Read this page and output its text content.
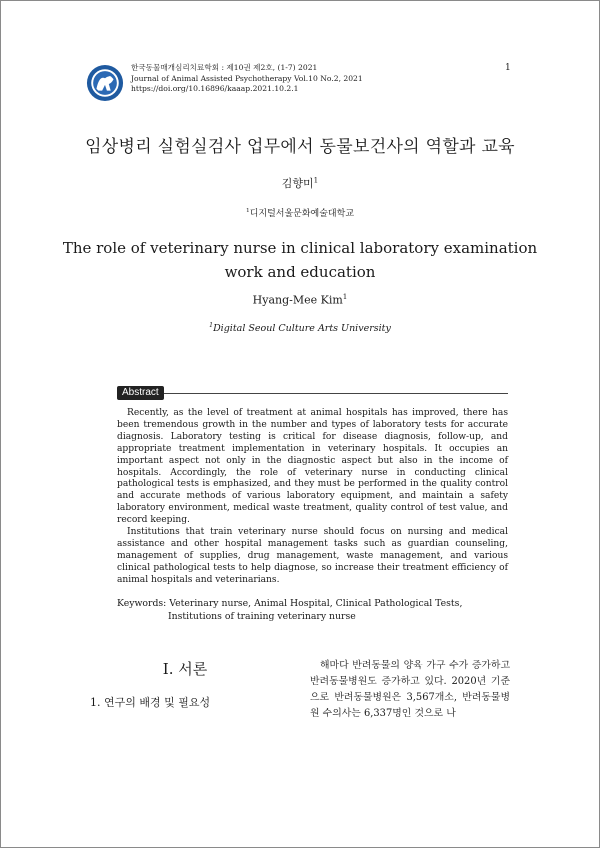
한국동물매개심리치료학회 : 제10권 제2호, (1-7) 2021
Journal of Animal Assisted Psychotherapy Vol.10 No.2, 2021
https://doi.org/10.16896/kaaap.2021.10.2.1
1
임상병리 실험실검사 업무에서 동물보건사의 역할과 교육
김향미$^1$
$^1$디지털서울문화예술대학교
The role of veterinary nurse in clinical laboratory examination work and education
Hyang-Mee Kim$^1$
$^1$Digital Seoul Culture Arts University
Abstract

Recently, as the level of treatment at animal hospitals has improved, there has been tremendous growth in the number and types of laboratory tests for accurate diagnosis. Laboratory testing is critical for disease diagnosis, follow-up, and appropriate treatment implementation in veterinary hospitals. It occupies an important aspect not only in the diagnostic aspect but also in the income of hospitals. Accordingly, the role of veterinary nurse in conducting clinical pathological tests is emphasized, and they must be performed in the quality control and accurate methods of various laboratory equipment, and maintain a safety laboratory environment, medical waste treatment, quality control of test value, and record keeping.

Institutions that train veterinary nurse should focus on nursing and medical assistance and other hospital management tasks such as guardian counseling, management of supplies, drug management, waste management, and various clinical pathological tests to help diagnose, so increase their treatment efficiency of animal hospitals and veterinarians.

Keywords: Veterinary nurse, Animal Hospital, Clinical Pathological Tests,
Institutions of training veterinary nurse
Ⅰ. 서론
1. 연구의 배경 및 필요성

해마다 반려동물의 양육 가구 수가 증가하고 반려동물병원도 증가하고 있다. 2020년 기준으로 반려동물병원은 3,567개소, 반려동물병원 수의사는 6,337명인 것으로 나
